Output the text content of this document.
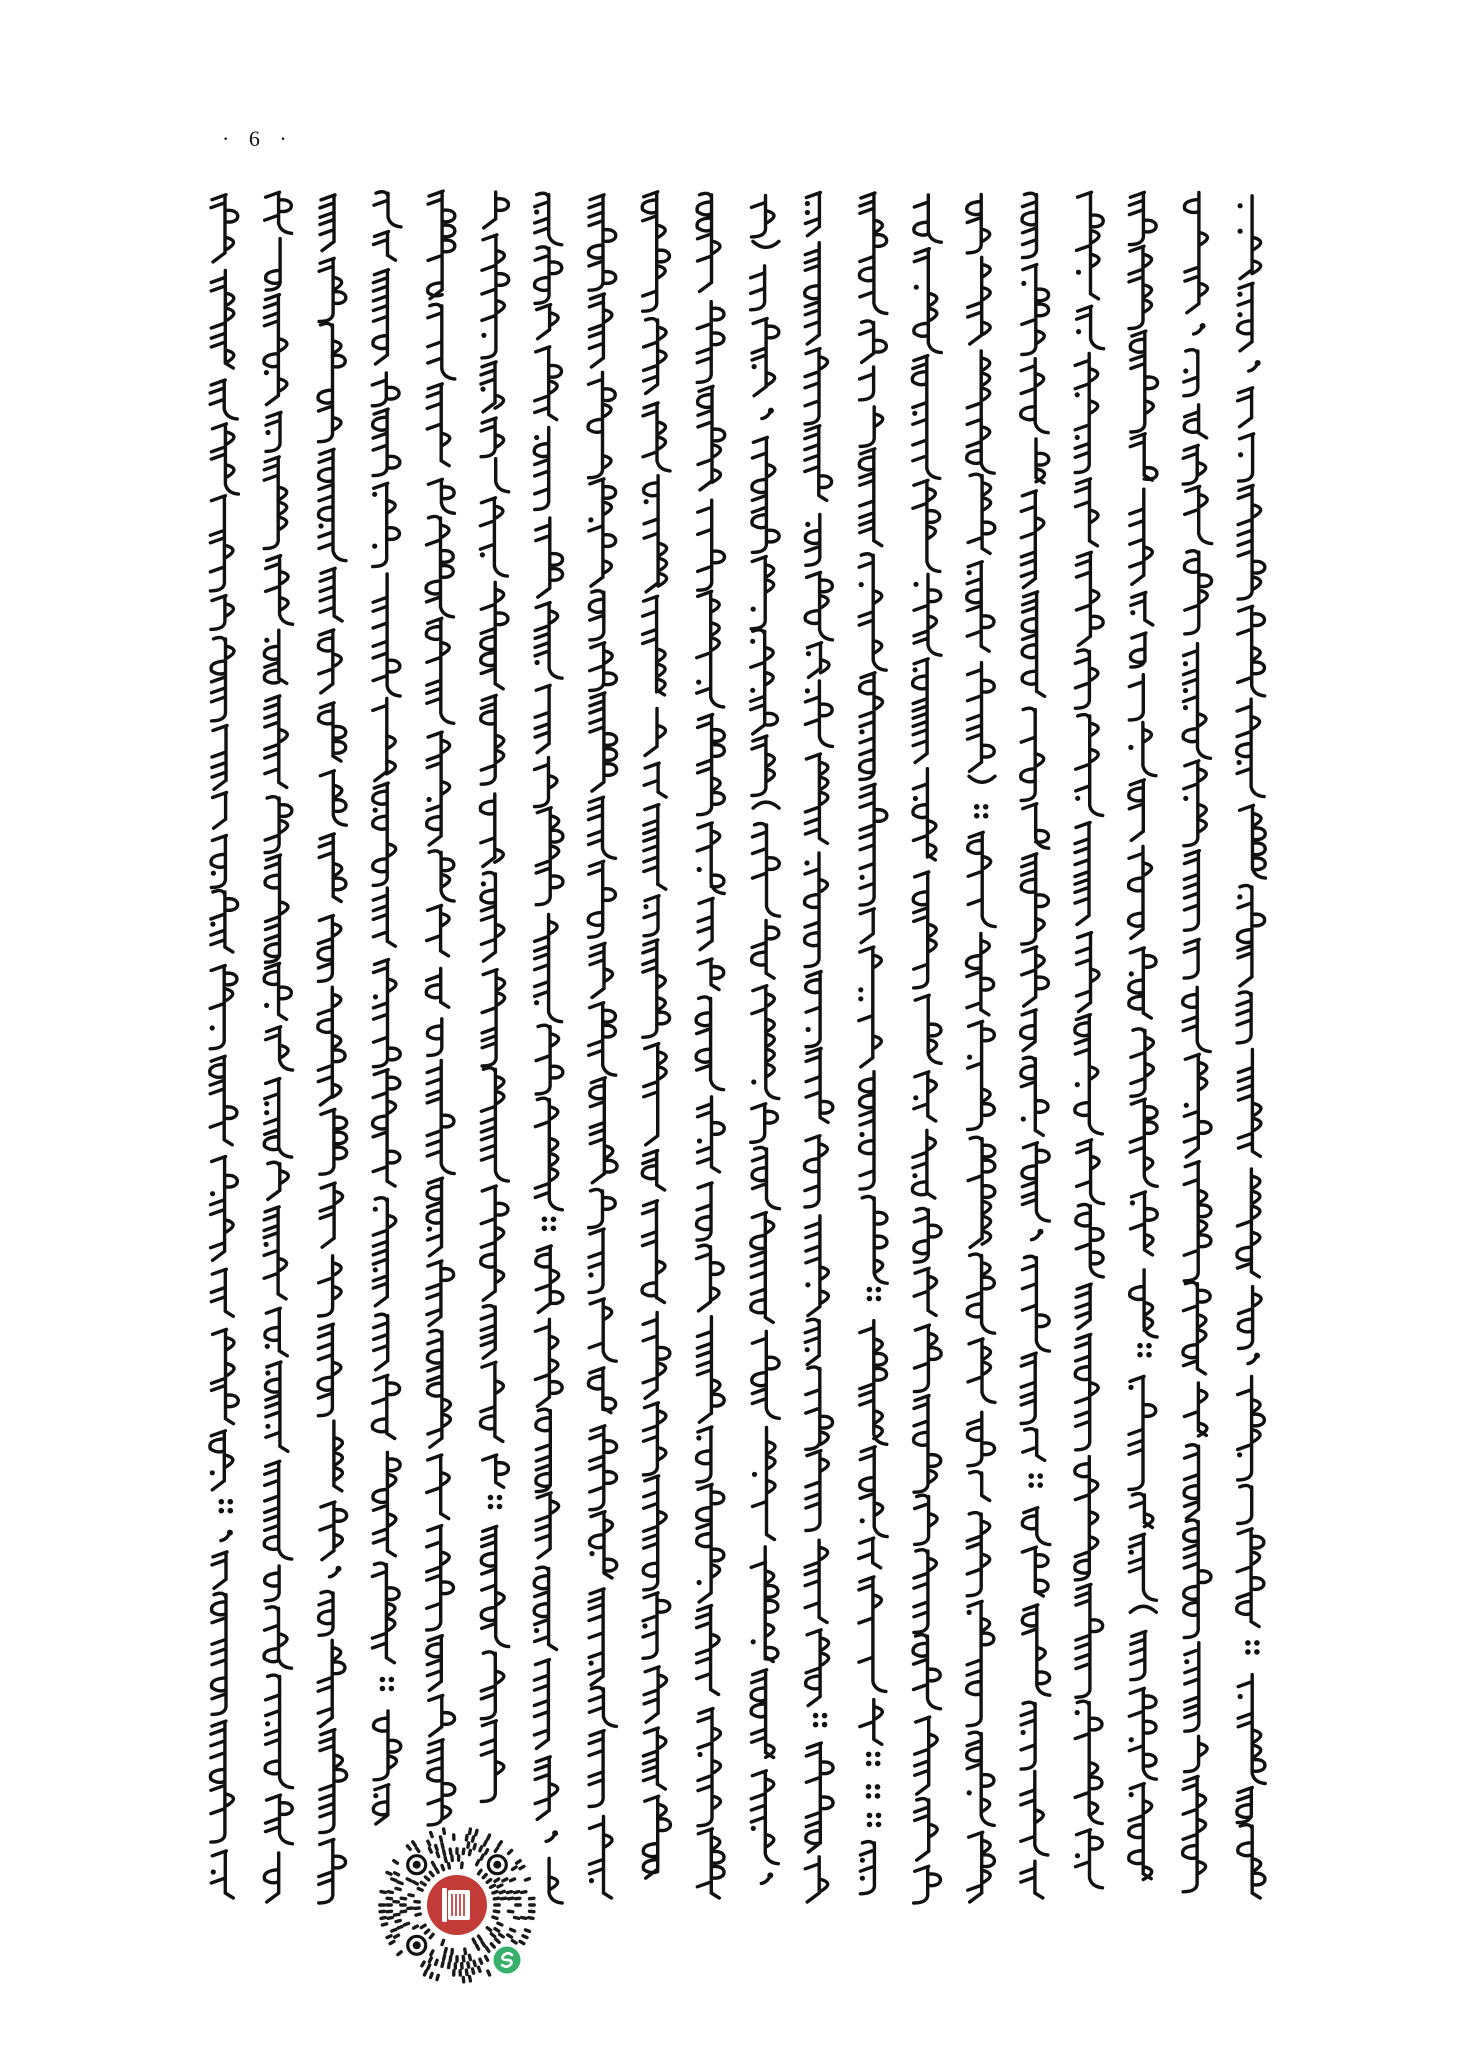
· 6 ·
